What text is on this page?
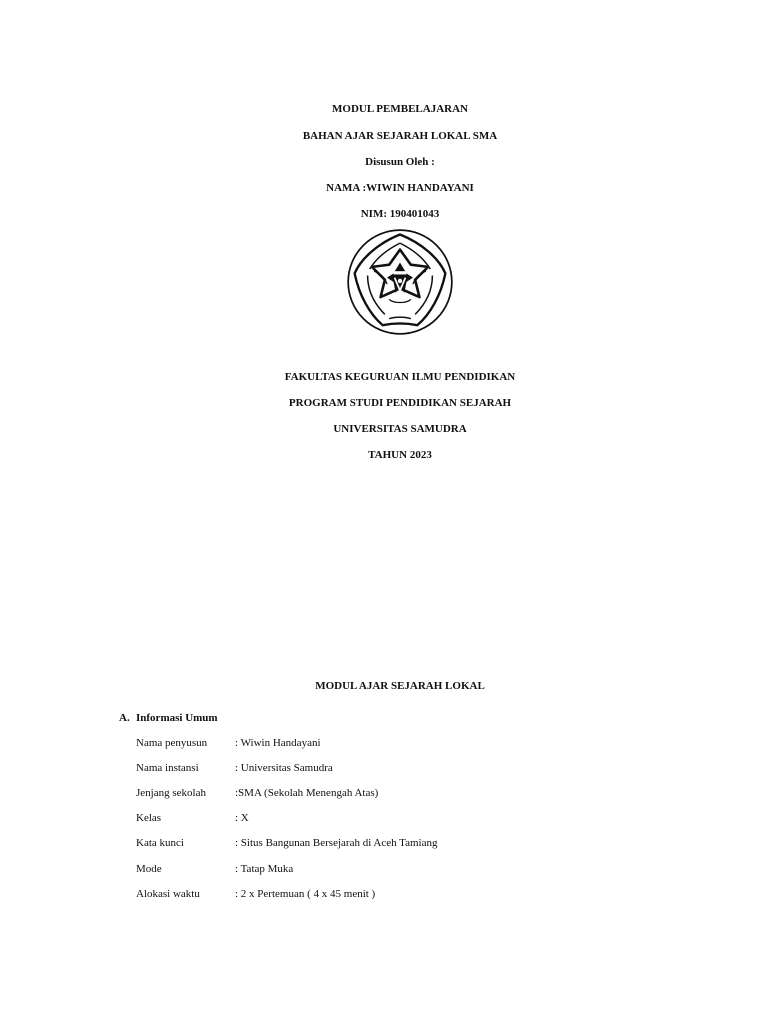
MODUL PEMBELAJARAN
BAHAN AJAR SEJARAH LOKAL SMA
Disusun Oleh :
NAMA :WIWIN HANDAYANI
NIM: 190401043
FAKULTAS KEGURUAN ILMU PENDIDIKAN
PROGRAM STUDI PENDIDIKAN SEJARAH
UNIVERSITAS SAMUDRA
TAHUN 2023
MODUL AJAR SEJARAH LOKAL
A. Informasi Umum
Nama penyusun	: Wiwin Handayani
Nama instansi	: Universitas Samudra
Jenjang sekolah	:SMA (Sekolah Menengah Atas)
Kelas	: X
Kata kunci	: Situs Bangunan Bersejarah di Aceh Tamiang
Mode	: Tatap Muka
Alokasi waktu	: 2 x Pertemuan ( 4 x 45 menit )
